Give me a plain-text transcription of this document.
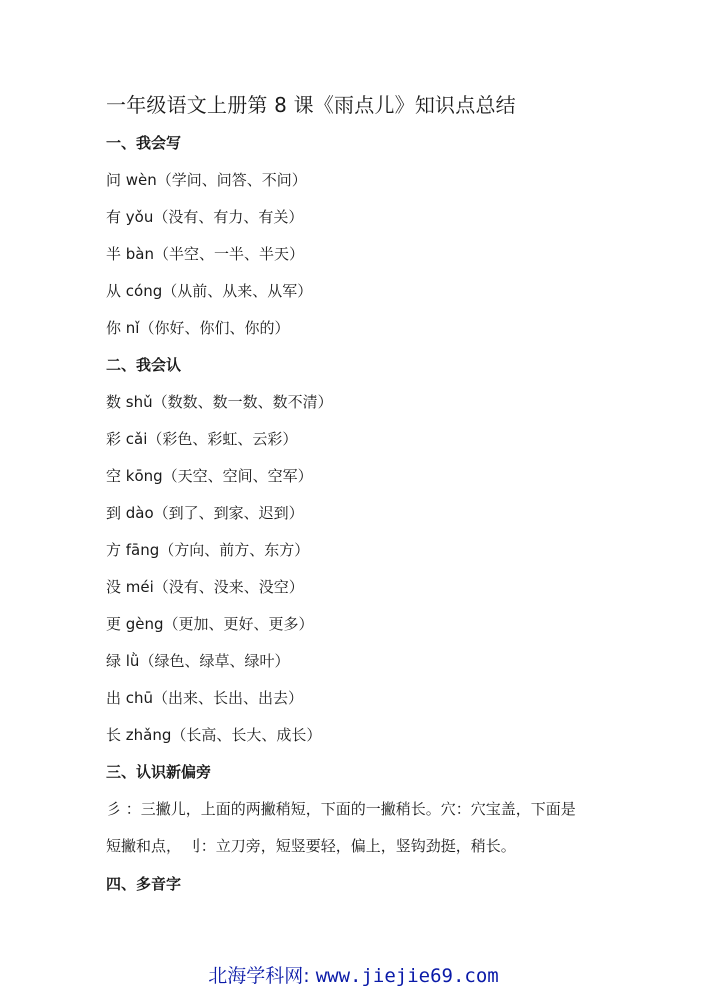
一年级语文上册第 8 课《雨点儿》知识点总结
一、我会写
问 wèn（学问、问答、不问）
有 yǒu（没有、有力、有关）
半 bàn（半空、一半、半天）
从 cóng（从前、从来、从军）
你 nǐ（你好、你们、你的）
二、我会认
数 shǔ（数数、数一数、数不清）
彩 cǎi（彩色、彩虹、云彩）
空 kōng（天空、空间、空军）
到 dào（到了、到家、迟到）
方 fāng（方向、前方、东方）
没 méi（没有、没来、没空）
更 gèng（更加、更好、更多）
绿 lǜ（绿色、绿草、绿叶）
出 chū（出来、长出、出去）
长 zhǎng（长高、长大、成长）
三、认识新偏旁
彡 ：三撇儿，上面的两撇稍短，下面的一撇稍长。穴：穴宝盖，下面是
短撇和点， 刂：立刀旁，短竖要轻，偏上，竖钩劲挺，稍长。
四、多音字
北海学科网: www.jiejie69.com
